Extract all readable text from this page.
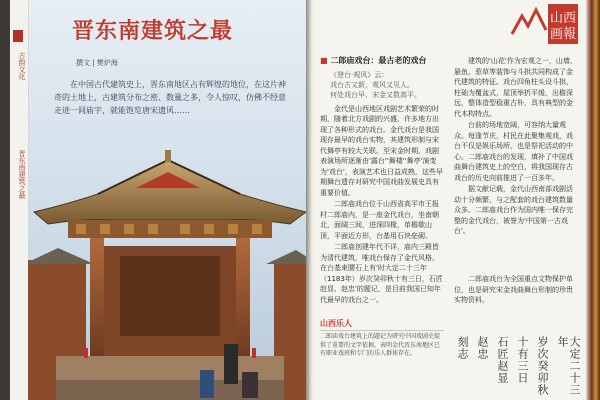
古韵文化
晋东南建筑之最
晋东南建筑之最
撰文 | 樊炉海
在中国古代建筑史上，晋东南地区占有辉煌的地位，在这片神奇的土地上，古建筑分布之密、数量之多，令人惊叹，仿佛不经意走进一间庙宇，就能饱览唐宋遗风……
山西
画報
■ 二郎庙戏台：最古老的戏台
《登台·观风》云：
戏台古又新，观风又见人。
何处戏台早，宋金又数高平。

金代是山西地区戏剧艺术繁荣的时期，随着北方戏剧的兴盛，许多地方出现了各种形式的戏台。金代戏台是我国现存最早的戏台实物，其建筑形制与宋代舞亭有较大关联。至宋金时期，戏剧表演场所逐渐由'露台''舞楼''舞亭'演变为'戏台'，表演艺术也日益成熟，这些早期舞台遗存对研究中国戏曲发展史具有重要价值。

二郎庙戏台位于山西省高平市王报村二郎庙内，是一座金代戏台，坐南朝北，面阔三间，进深四椽，单檐歇山顶，平面近方形，台基用石块垒砌。

二郎庙创建年代不详，庙内三殿皆为清代建筑，唯戏台保存了金代风格。在台基束腰石上有'时大定二十三年（1183年）岁次癸卯秋十有三日，石匠赵显、赵忠'的题记，是目前我国已知年代最早的戏台之一。

建筑的'山花'作为宏观之一，山墙、悬鱼、惹草等装饰与斗拱共同构成了金代建筑的特征。戏台四角柱头设斗拱，柱础为覆盆式，屋顶举折平缓，出檐深远，整体造型稳重古朴，具有典型的金代木构特点。

台前的场地宽阔，可容纳大量观众。每逢节庆，村民在此聚集观戏，戏台不仅是娱乐场所，也是祭祀活动的中心。二郎庙戏台的发现，填补了中国戏曲舞台建筑史上的空白，将我国现存古戏台的历史向前推进了一百多年。

据文献记载，金代山西南部戏剧活动十分频繁，与之配套的戏台建筑数量众多。二郎庙戏台作为国内唯一保存完整的金代戏台，被誉为'中国第一古戏台'。

二郎庙戏台为全国重点文物保护单位，也是研究宋金戏曲舞台形制的珍贵实物资料。

山西乐人
二郎庙戏台建筑上的题记为研究中国戏剧史提供了重要的文字依据，表明金代晋东南地区已有职业戏班和专门的乐人群体存在。	大定二十三年
岁次癸卯秋
十有三日
石匠赵显
赵忠
刻志
